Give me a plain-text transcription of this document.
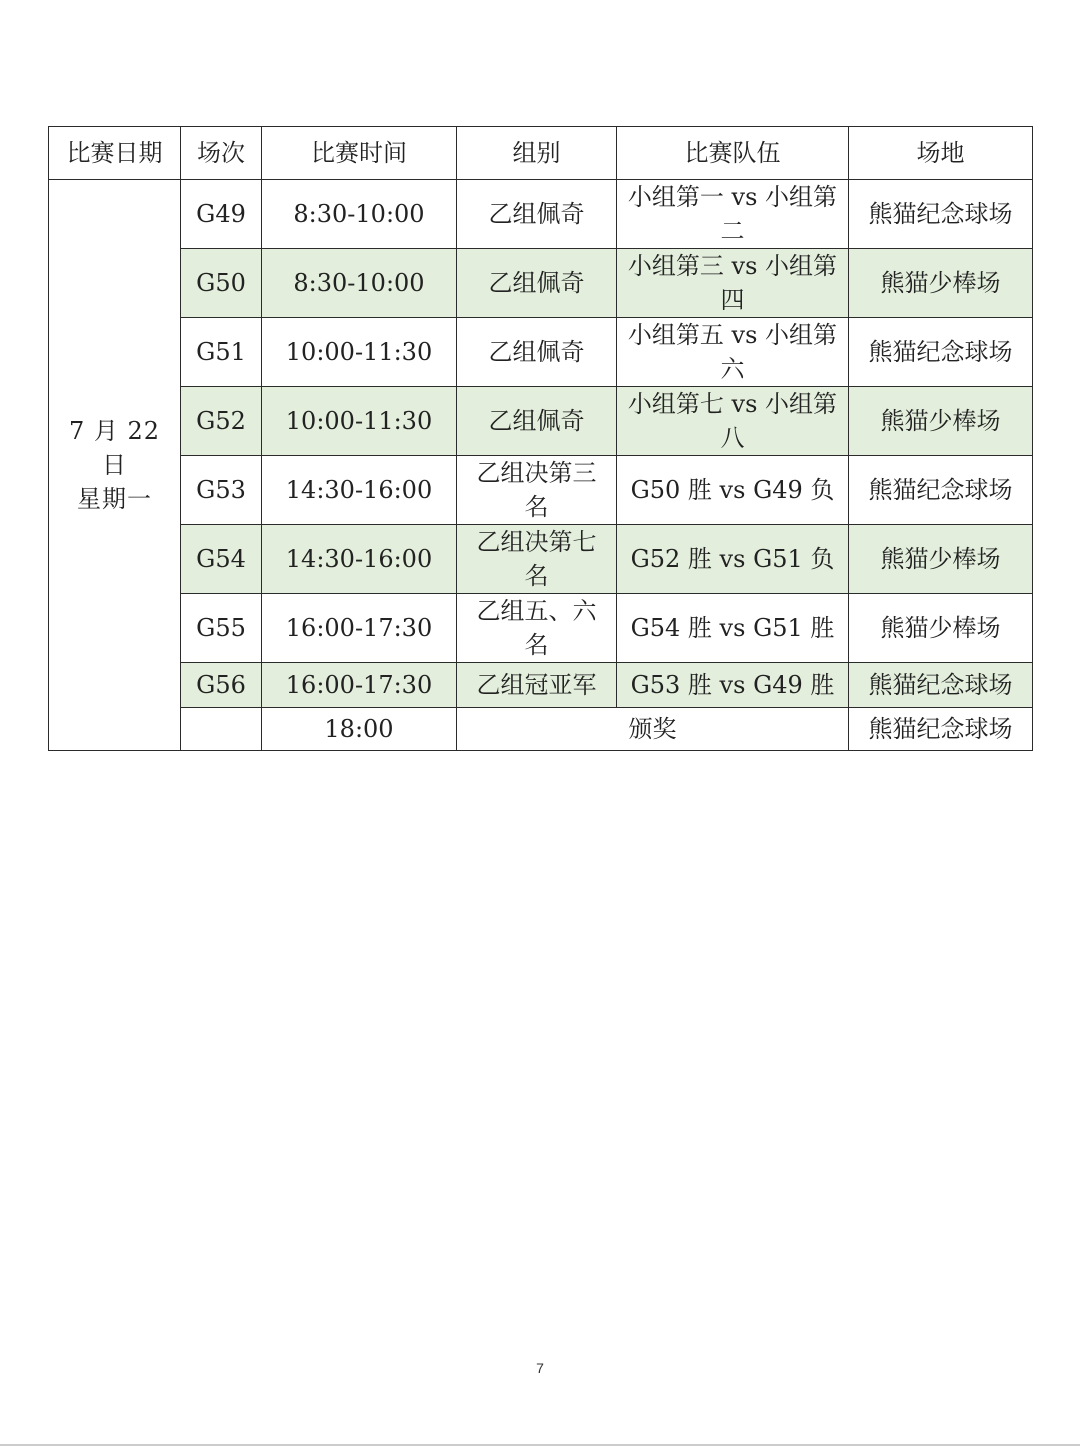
比赛日期	场次	比赛时间	组别	比赛队伍	场地

7 月 22 日
星期一	G49	8:30-10:00	乙组佩奇	小组第一 vs 小组第二	熊猫纪念球场
	G50	8:30-10:00	乙组佩奇	小组第三 vs 小组第四	熊猫少棒场
	G51	10:00-11:30	乙组佩奇	小组第五 vs 小组第六	熊猫纪念球场
	G52	10:00-11:30	乙组佩奇	小组第七 vs 小组第八	熊猫少棒场
	G53	14:30-16:00	乙组决第三名	G50 胜 vs G49 负	熊猫纪念球场
	G54	14:30-16:00	乙组决第七名	G52 胜 vs G51 负	熊猫少棒场
	G55	16:00-17:30	乙组五、六名	G54 胜 vs G51 胜	熊猫少棒场
	G56	16:00-17:30	乙组冠亚军	G53 胜 vs G49 胜	熊猫纪念球场
		18:00	颁奖		熊猫纪念球场
7
